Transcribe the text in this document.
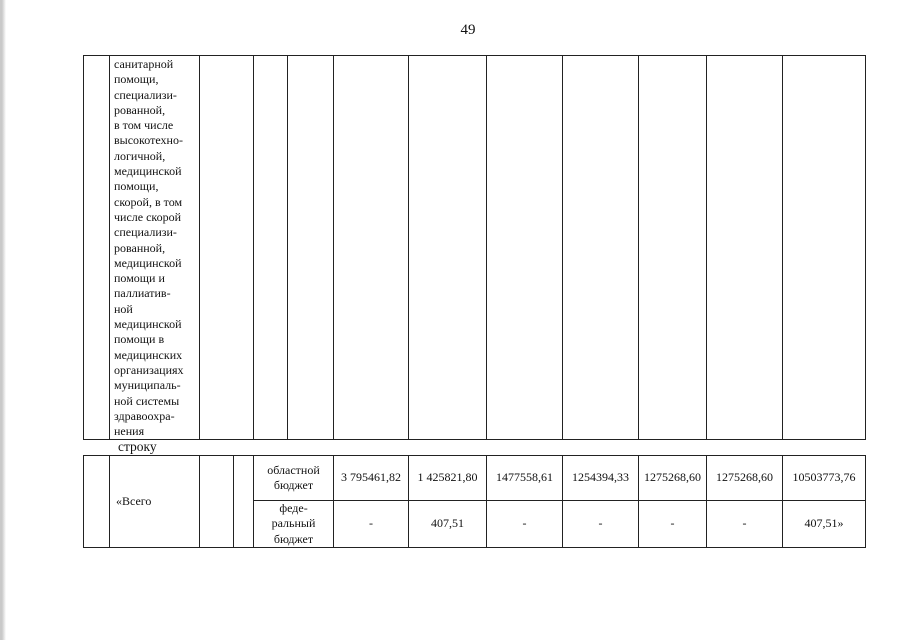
49

санитарной
помощи,
специализи-
рованной,
в том числе
высокотехно-
логичной,
медицинской
помощи,
скорой, в том
числе скорой
специализи-
рованной,
медицинской
помощи и
паллиатив-
ной
медицинской
помощи в
медицинских
организациях
муниципаль-
ной системы
здравоохра-
нения

строку
	«Всего			областной бюджет	3 795461,82	1 425821,80	1477558,61	1254394,33	1275268,60	1275268,60	10503773,76
				феде-
ральный
бюджет	-	407,51	-	-	-	-	407,51»
